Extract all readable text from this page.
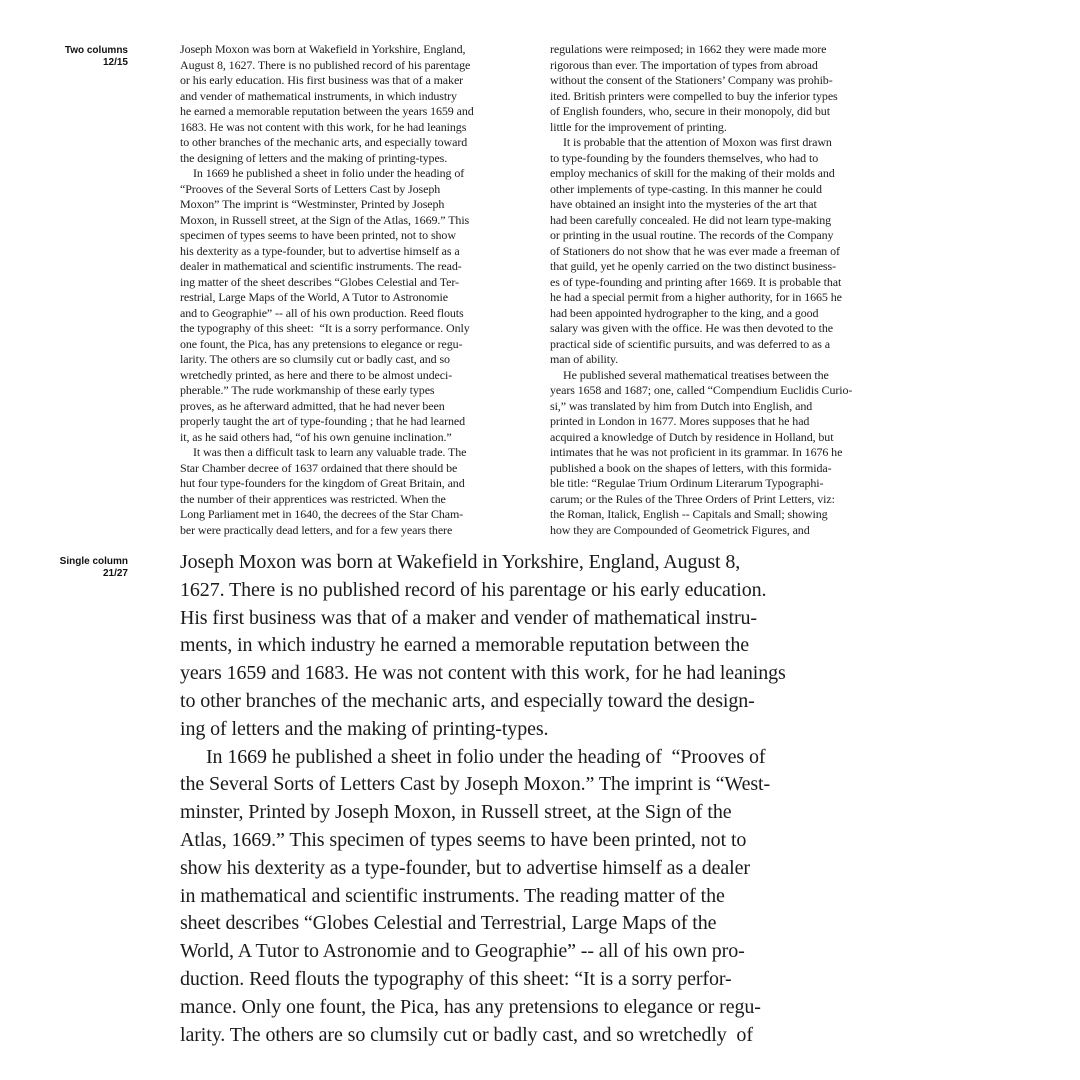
Two columns
12/15

Joseph Moxon was born at Wakefield in Yorkshire, England,
August 8, 1627. There is no published record of his parentage
or his early education. His first business was that of a maker
and vender of mathematical instruments, in which industry
he earned a memorable reputation between the years 1659 and
1683. He was not content with this work, for he had leanings
to other branches of the mechanic arts, and especially toward
the designing of letters and the making of printing-types.

In 1669 he published a sheet in folio under the heading of
“Prooves of the Several Sorts of Letters Cast by Joseph
Moxon” The imprint is “Westminster, Printed by Joseph
Moxon, in Russell street, at the Sign of the Atlas, 1669.” This
specimen of types seems to have been printed, not to show
his dexterity as a type-founder, but to advertise himself as a
dealer in mathematical and scientific instruments. The read-
ing matter of the sheet describes “Globes Celestial and Ter-
restrial, Large Maps of the World, A Tutor to Astronomie
and to Geographie” -- all of his own production. Reed flouts
the typography of this sheet:  “It is a sorry performance. Only
one fount, the Pica, has any pretensions to elegance or regu-
larity. The others are so clumsily cut or badly cast, and so
wretchedly printed, as here and there to be almost undeci-
pherable.” The rude workmanship of these early types
proves, as he afterward admitted, that he had never been
properly taught the art of type-founding ; that he had learned
it, as he said others had, “of his own genuine inclination.”

It was then a difficult task to learn any valuable trade. The
Star Chamber decree of 1637 ordained that there should be
hut four type-founders for the kingdom of Great Britain, and
the number of their apprentices was restricted. When the
Long Parliament met in 1640, the decrees of the Star Cham-
ber were practically dead letters, and for a few years there

regulations were reimposed; in 1662 they were made more
rigorous than ever. The importation of types from abroad
without the consent of the Stationers’ Company was prohib-
ited. British printers were compelled to buy the inferior types
of English founders, who, secure in their monopoly, did but
little for the improvement of printing.

It is probable that the attention of Moxon was first drawn
to type-founding by the founders themselves, who had to
employ mechanics of skill for the making of their molds and
other implements of type-casting. In this manner he could
have obtained an insight into the mysteries of the art that
had been carefully concealed. He did not learn type-making
or printing in the usual routine. The records of the Company
of Stationers do not show that he was ever made a freeman of
that guild, yet he openly carried on the two distinct business-
es of type-founding and printing after 1669. It is probable that
he had a special permit from a higher authority, for in 1665 he
had been appointed hydrographer to the king, and a good
salary was given with the office. He was then devoted to the
practical side of scientific pursuits, and was deferred to as a
man of ability.

He published several mathematical treatises between the
years 1658 and 1687; one, called “Compendium Euclidis Curio-
si,” was translated by him from Dutch into English, and
printed in London in 1677. Mores supposes that he had
acquired a knowledge of Dutch by residence in Holland, but
intimates that he was not proficient in its grammar. In 1676 he
published a book on the shapes of letters, with this formida-
ble title: “Regulae Trium Ordinum Literarum Typographi-
carum; or the Rules of the Three Orders of Print Letters, viz:
the Roman, Italick, English -- Capitals and Small; showing
how they are Compounded of Geometrick Figures, and

Single column
21/27

Joseph Moxon was born at Wakefield in Yorkshire, England, August 8,
1627. There is no published record of his parentage or his early education.
His first business was that of a maker and vender of mathematical instru-
ments, in which industry he earned a memorable reputation between the
years 1659 and 1683. He was not content with this work, for he had leanings
to other branches of the mechanic arts, and especially toward the design-
ing of letters and the making of printing-types.

In 1669 he published a sheet in folio under the heading of  “Prooves of
the Several Sorts of Letters Cast by Joseph Moxon.” The imprint is “West-
minster, Printed by Joseph Moxon, in Russell street, at the Sign of the
Atlas, 1669.” This specimen of types seems to have been printed, not to
show his dexterity as a type-founder, but to advertise himself as a dealer
in mathematical and scientific instruments. The reading matter of the
sheet describes “Globes Celestial and Terrestrial, Large Maps of the
World, A Tutor to Astronomie and to Geographie” -- all of his own pro-
duction. Reed flouts the typography of this sheet: “It is a sorry perfor-
mance. Only one fount, the Pica, has any pretensions to elegance or regu-
larity. The others are so clumsily cut or badly cast, and so wretchedly  of
